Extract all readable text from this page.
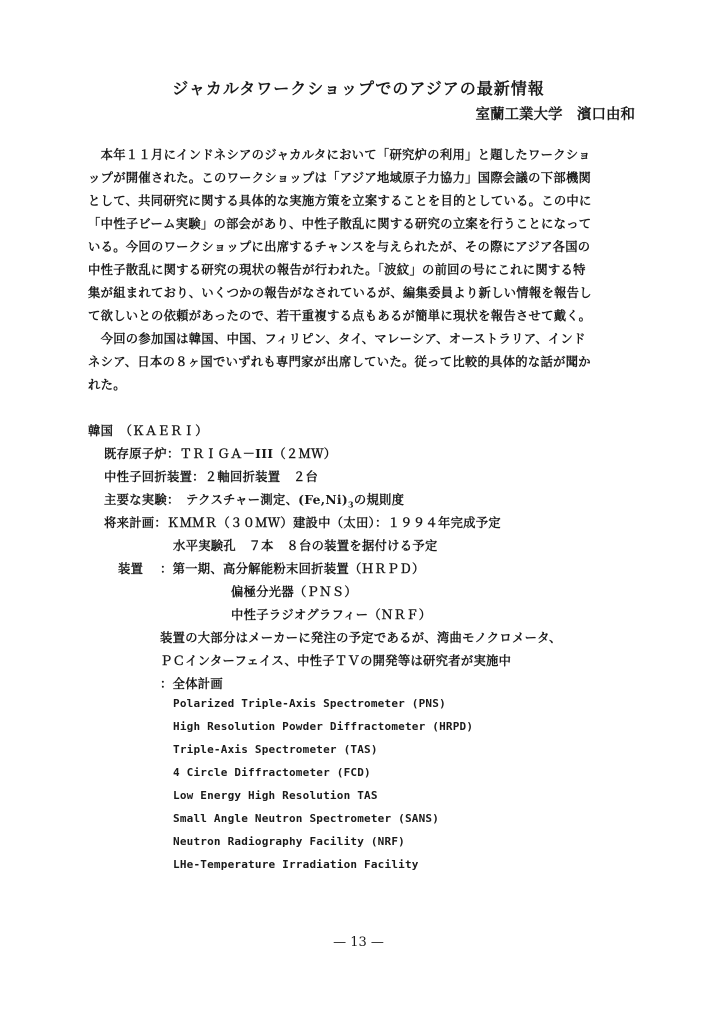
ジャカルタワークショップでのアジアの最新情報
室蘭工業大学　濱口由和
　本年１１月にインドネシアのジャカルタにおいて「研究炉の利用」と題したワークショ
ップが開催された。このワークショップは「アジア地域原子力協力」国際会議の下部機関
として、共同研究に関する具体的な実施方策を立案することを目的としている。この中に
「中性子ビーム実験」の部会があり、中性子散乱に関する研究の立案を行うことになって
いる。今回のワークショップに出席するチャンスを与えられたが、その際にアジア各国の
中性子散乱に関する研究の現状の報告が行われた。「波紋」の前回の号にこれに関する特
集が組まれており、いくつかの報告がなされているが、編集委員より新しい情報を報告し
て欲しいとの依頼があったので、若干重複する点もあるが簡単に現状を報告させて戴く。
　今回の参加国は韓国、中国、フィリピン、タイ、マレーシア、オーストラリア、インド
ネシア、日本の８ヶ国でいずれも専門家が出席していた。従って比較的具体的な話が聞か
れた。
韓国　（ＫＡＥＲＩ）
既存原子炉：ＴＲＩＧＡ－III（２ＭＷ）
中性子回折装置：２軸回折装置　２台
主要な実験：　テクスチャー測定、$(Fe,Ni)_3$の規則度
将来計画：ＫＭＭＲ（３０ＭＷ）建設中（太田）：１９９４年完成予定
水平実験孔　７本　８台の装置を据付ける予定
装置 ：第一期、高分解能粉末回折装置（ＨＲＰＤ）
偏極分光器（ＰＮＳ）
中性子ラジオグラフィー（ＮＲＦ）
装置の大部分はメーカーに発注の予定であるが、湾曲モノクロメータ、
ＰＣインターフェイス、中性子ＴＶの開発等は研究者が実施中
：全体計画
Polarized Triple-Axis Spectrometer (PNS)
High Resolution Powder Diffractometer (HRPD)
Triple-Axis Spectrometer (TAS)
4 Circle Diffractometer (FCD)
Low Energy High Resolution TAS
Small Angle Neutron Spectrometer (SANS)
Neutron Radiography Facility (NRF)
LHe-Temperature Irradiation Facility
— 13 —
